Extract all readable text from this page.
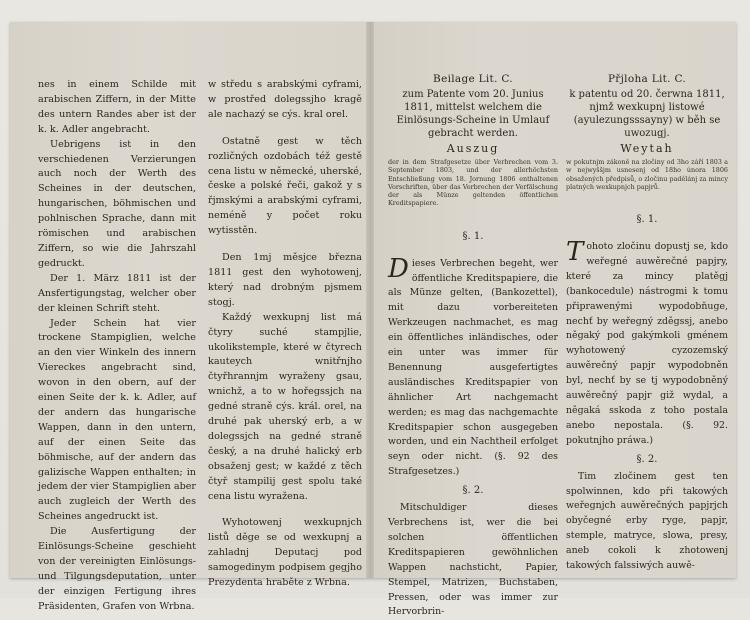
nes in einem Schilde mit arabischen Ziffern, in der Mitte des untern Randes aber ist der k. k. Adler angebracht.

Uebrigens ist in den verschiedenen Verzierungen auch noch der Werth des Scheines in der deutschen, hungarischen, böhmischen und pohlnischen Sprache, dann mit römischen und arabischen Ziffern, so wie die Jahrszahl gedruckt.

Der 1. März 1811 ist der Ansfertigungstag, welcher ober der kleinen Schrift steht.

Jeder Schein hat vier trockene Stampiglien, welche an den vier Winkeln des innern Viereckes angebracht sind, wovon in den obern, auf der einen Seite der k. k. Adler, auf der andern das hungarische Wappen, dann in den untern, auf der einen Seite das böhmische, auf der andern das galizische Wappen enthalten; in jedem der vier Stampiglien aber auch zugleich der Werth des Scheines angedruckt ist.

Die Ausfertigung der Einlösungs-Scheine geschieht von der vereinigten Einlösungs- und Tilgungsdeputation, unter der einzigen Fertigung ihres Präsidenten, Grafen von Wrbna.

w středu s arabskými cyframi, w prostřed dolegssjho kragě ale nachazý se cýs. kral orel.

Ostatně gest w těch rozličných ozdobách též gestě cena listu w německé, uherské, česke a polské řeči, gakož y s řjmskými a arabskými cyframi, neméně y počet roku wytisstěn.

Den 1mj měsjce března 1811 gest den wyhotowenj, který nad drobným pjsmem stogj.

Každý wexkupnj list má čtyry suché stampjlie, ukolikstemple, které w čtyrech kauteych wnitřnjho čtyřhrannjm wyraženy gsau, wnichž, a to w hořegssjch na gedné straně cýs. král. orel, na druhé pak uherský erb, a w dolegssjch na gedné straně český, a na druhé halický erb obsaženj gest; w každé z těch čtyř stampilij gest spolu také cena listu wyražena.

Wyhotowenj wexkupnjch listů děge se od wexkupnj a zahladnj Deputacj pod samogedinym podpisem gegjho Prezydenta hraběte z Wrbna.

Beilage Lit. C.

zum Patente vom 20. Junius 1811, mittelst welchem die Einlösungs-Scheine in Umlauf gebracht werden.

Auszug

der in dem Strafgesetze über Verbrechen vom 3. September 1803, und der allerhöchsten Entschließung vom 18. Jornung 1806 enthaltenen Vorschriften, über das Verbrechen der Verfälschung der als Münze geltenden öffentlichen Kreditspapiere.

§. 1.

Dieses Verbrechen begeht, wer öffentliche Kreditspapiere, die als Münze gelten, (Bankozettel), mit dazu vorbereiteten Werkzeugen nachmachet, es mag ein öffentliches inländisches, oder ein unter was immer für Benennung ausgefertigtes ausländisches Kreditspapier von ähnlicher Art nachgemacht werden; es mag das nachgemachte Kreditspapier schon ausgegeben worden, und ein Nachtheil erfolget seyn oder nicht. (§. 92 des Strafgesetzes.)

§. 2.

Mitschuldiger dieses Verbrechens ist, wer die bei solchen öffentlichen Kreditspapieren gewöhnlichen Wappen nachsticht, Papier, Stempel, Matrizen, Buchstaben, Pressen, oder was immer zur Hervorbrin-

Přjloha Lit. C.

k patentu od 20. čerwna 1811, njmž wexkupnj listowé (ayulezungsssayny) w běh se uwozugj.

Weytah

w pokutnjm zákoně na zločiny od 3ho září 1803 a w nejwyššjm usnesenj od 18ho února 1806 obsažených předpisů, o zločinu padělánj za mincy platných wexkupnjch papjrů.

§. 1.

Tohoto zločinu dopustj se, kdo weřegné auwěrečné papjry, které za mincy platěgj (bankocedule) nástrogmi k tomu připrawenými wypodobňuge, nechť by weřegný zděgssj, anebo něgaký pod gakýmkoli gménem wyhotowený cyzozemský auwěrečný papjr wypodobněn byl, nechť by se tj wypodobněný auwěrečný papjr giž wydal, a něgaká sskoda z toho postala anebo nepostala. (§. 92. pokutnjho práwa.)

§. 2.

Tim zločinem gest ten spolwinnen, kdo při takowých weřegnjch auwěrečných papjrjch obyčegné erby ryge, papjr, stemple, matryce, slowa, presy, aneb cokoli k zhotowenj takowých falssiwých auwě-
